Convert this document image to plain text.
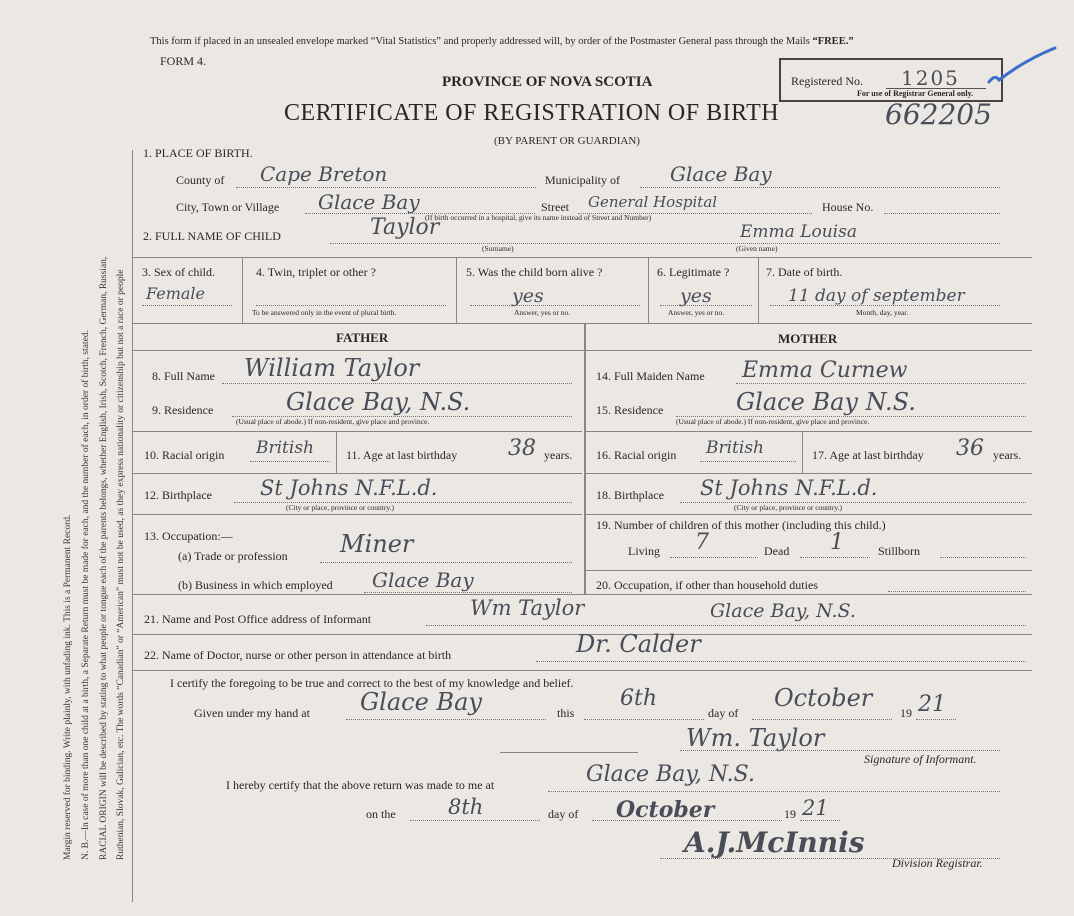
Margin reserved for binding. Write plainly, with unfading ink. This is a Permanent Record. N. B.—In case of more than one child at a birth, a Separate Return must be made for each, and the number of each, in order of birth, stated. RACIAL ORIGIN will be described by stating to what people or tongue each of the parents belongs, whether English, Irish, Scotch, French, German, Russian, Ruthenian, Slovak, Galician, etc. The words “Canadian” or “American” must not be used, as they express nationality or citizenship but not a race or people
This form if placed in an unsealed envelope marked “Vital Statistics” and properly addressed will, by order of the Postmaster General pass through the Mails “FREE.”
FORM 4.
PROVINCE OF NOVA SCOTIA
CERTIFICATE OF REGISTRATION OF BIRTH	662205
(BY PARENT OR GUARDIAN)
Registered No. 1205
For use of Registrar General only.
1. PLACE OF BIRTH.
County of Cape Breton	Municipality of	Glace Bay
City, Town or Village Glace Bay	Street General Hospital	House No.
(If birth occurred in a hospital, give its name instead of Street and Number)
2. FULL NAME OF CHILD	Taylor	Emma Louisa
(Surname)	(Given name)
3. Sex of child.
Female
4. Twin, triplet or other ?
To be answered only in the event of plural birth.
5. Was the child born alive ?
yes
Answer, yes or no.
6. Legitimate ?
yes
Answer, yes or no.
7. Date of birth.
11 day of september
Month, day, year.
FATHER	MOTHER
8. Full Name William Taylor
9. Residence	Glace Bay, N.S.
(Usual place of abode.) If non-resident, give place and province.
10. Racial origin British	11. Age at last birthday 38 years.
12. Birthplace St Johns N.F.L.d.
(City or place, province or country.)
13. Occupation:—
(a) Trade or profession Miner
(b) Business in which employed Glace Bay
14. Full Maiden Name Emma Curnew
15. Residence	Glace Bay N.S.
(Usual place of abode.) If non-resident, give place and province.
16. Racial origin British	17. Age at last birthday 36 years.
18. Birthplace St Johns N.F.L.d.
(City or place, province or country.)
19. Number of children of this mother (including this child.)
Living 7	Dead 1	Stillborn
20. Occupation, if other than household duties
21. Name and Post Office address of Informant	Wm Taylor	Glace Bay, N.S.
22. Name of Doctor, nurse or other person in attendance at birth	Dr. Calder
I certify the foregoing to be true and correct to the best of my knowledge and belief.
Given under my hand at Glace Bay	this
6th
day of
October
19 21
Wm. Taylor
Signature of Informant.
I hereby certify that the above return was made to me at	Glace Bay, N.S.
on the 8th	day of October	19 21
A.J.McInnis
Division Registrar.
